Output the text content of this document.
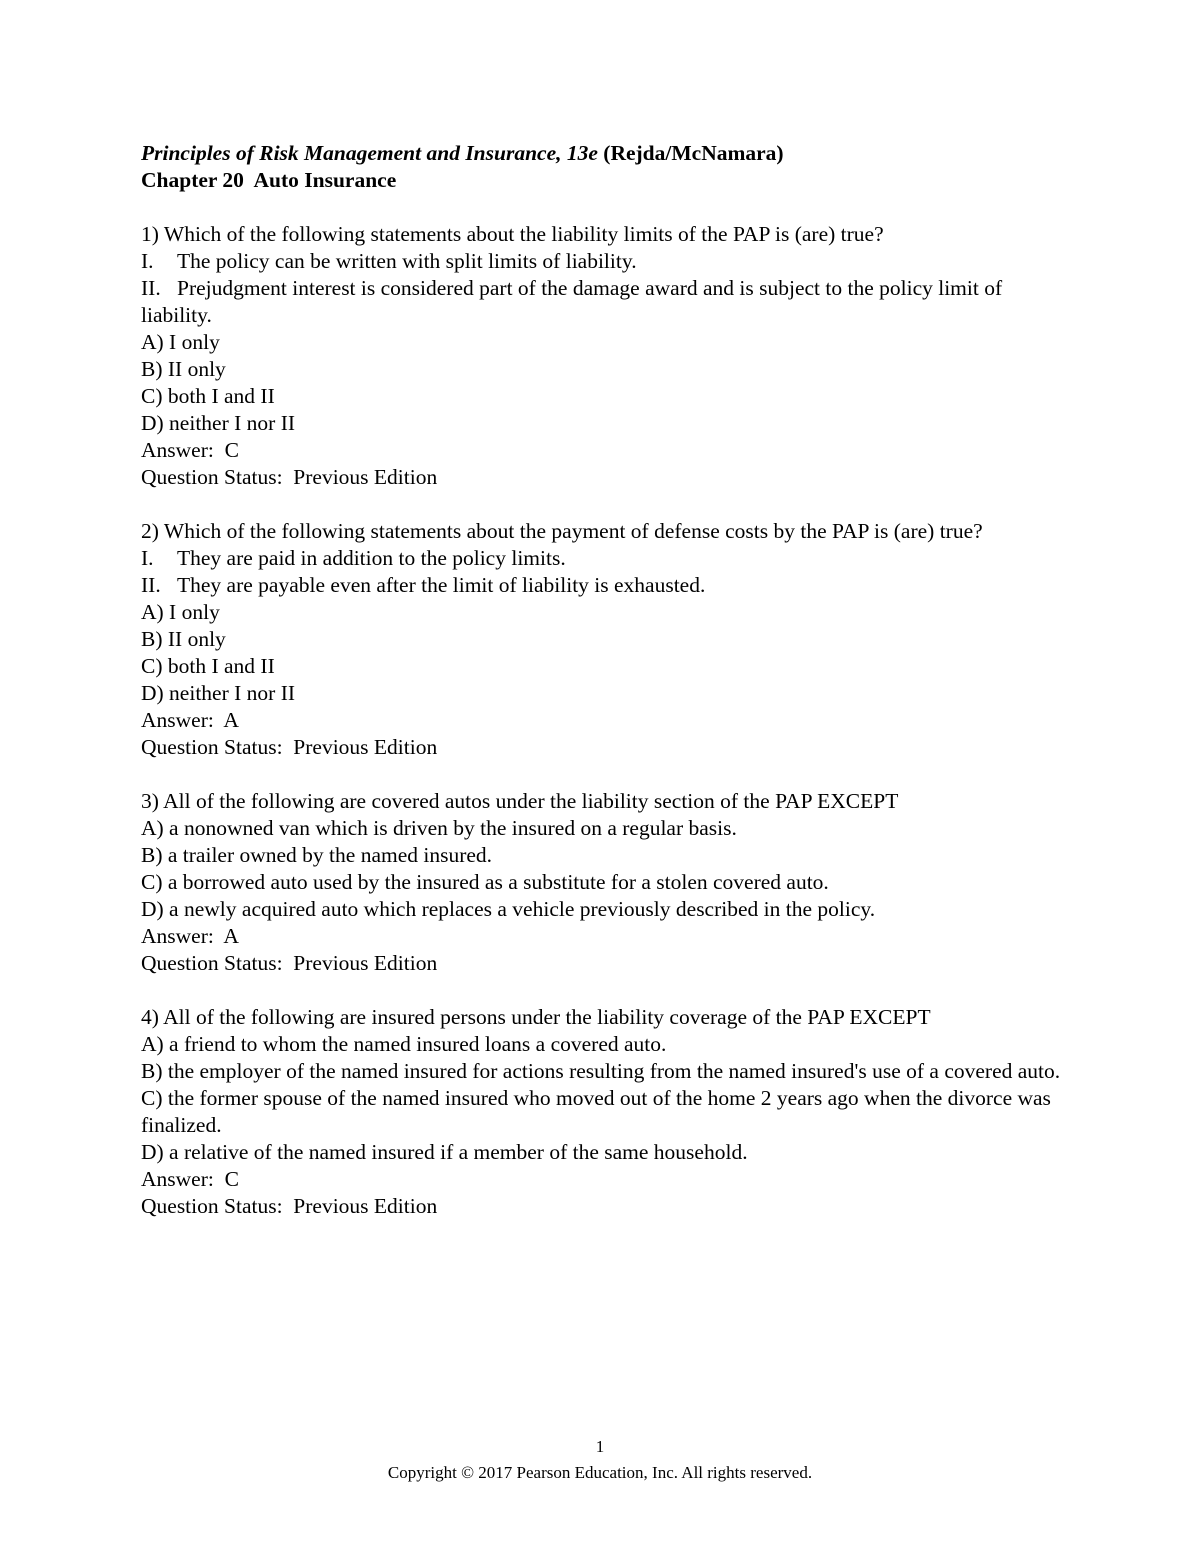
Principles of Risk Management and Insurance, 13e (Rejda/McNamara)
Chapter 20  Auto Insurance
1) Which of the following statements about the liability limits of the PAP is (are) true?
I. The policy can be written with split limits of liability.
II. Prejudgment interest is considered part of the damage award and is subject to the policy limit of liability.
A) I only
B) II only
C) both I and II
D) neither I nor II
Answer:  C
Question Status:  Previous Edition
2) Which of the following statements about the payment of defense costs by the PAP is (are) true?
I. They are paid in addition to the policy limits.
II. They are payable even after the limit of liability is exhausted.
A) I only
B) II only
C) both I and II
D) neither I nor II
Answer:  A
Question Status:  Previous Edition
3) All of the following are covered autos under the liability section of the PAP EXCEPT
A) a nonowned van which is driven by the insured on a regular basis.
B) a trailer owned by the named insured.
C) a borrowed auto used by the insured as a substitute for a stolen covered auto.
D) a newly acquired auto which replaces a vehicle previously described in the policy.
Answer:  A
Question Status:  Previous Edition
4) All of the following are insured persons under the liability coverage of the PAP EXCEPT
A) a friend to whom the named insured loans a covered auto.
B) the employer of the named insured for actions resulting from the named insured's use of a covered auto.
C) the former spouse of the named insured who moved out of the home 2 years ago when the divorce was finalized.
D) a relative of the named insured if a member of the same household.
Answer:  C
Question Status:  Previous Edition
1
Copyright © 2017 Pearson Education, Inc. All rights reserved.
